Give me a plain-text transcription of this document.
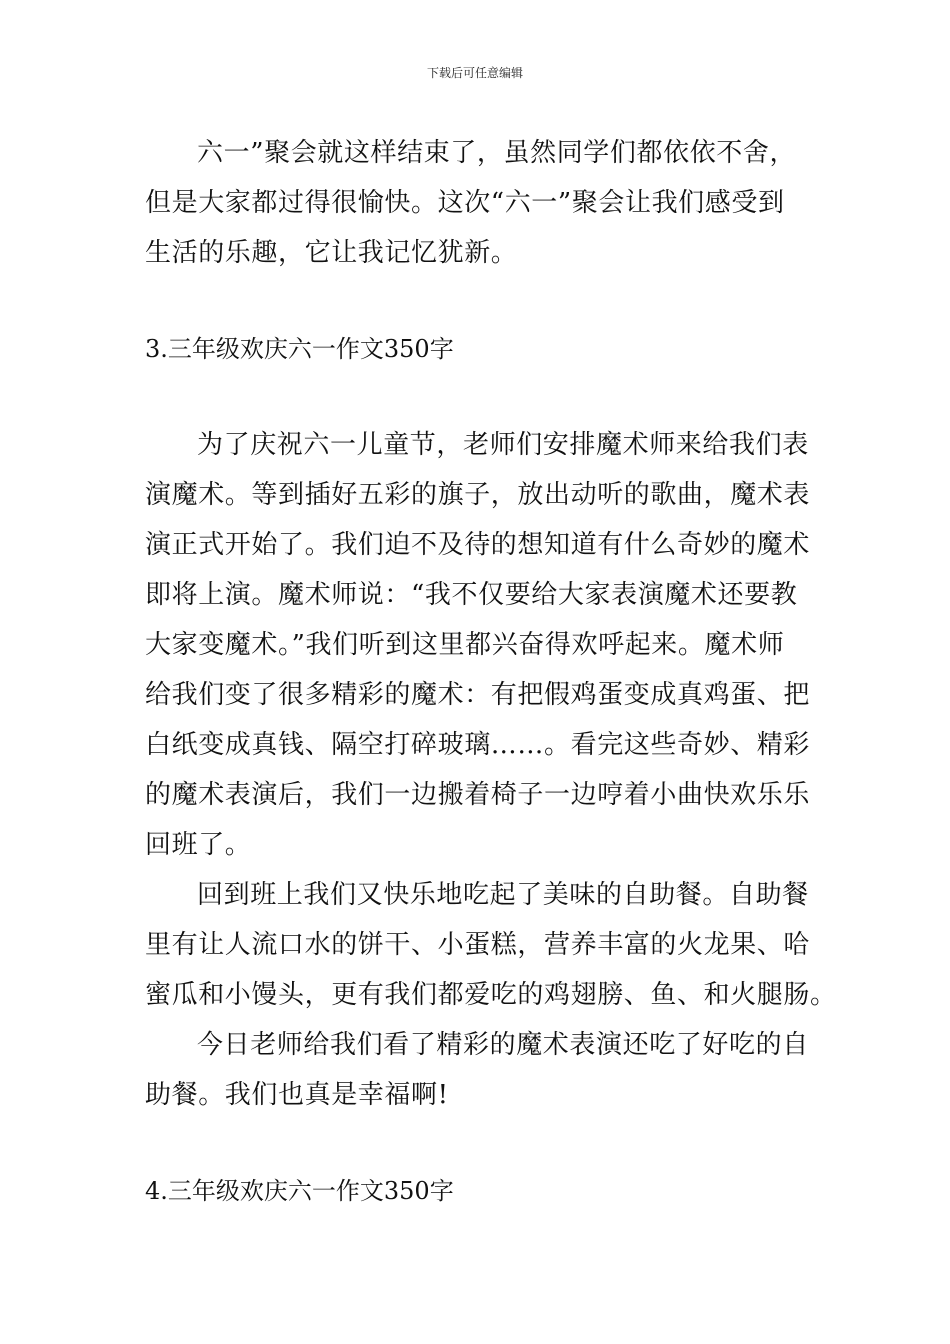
下载后可任意编辑
六一”聚会就这样结束了，虽然同学们都依依不舍，
但是大家都过得很愉快。这次“六一”聚会让我们感受到
生活的乐趣，它让我记忆犹新。
3.三年级欢庆六一作文350字
为了庆祝六一儿童节，老师们安排魔术师来给我们表
演魔术。等到插好五彩的旗子，放出动听的歌曲，魔术表
演正式开始了。我们迫不及待的想知道有什么奇妙的魔术
即将上演。魔术师说：“我不仅要给大家表演魔术还要教
大家变魔术。”我们听到这里都兴奋得欢呼起来。魔术师
给我们变了很多精彩的魔术：有把假鸡蛋变成真鸡蛋、把
白纸变成真钱、隔空打碎玻璃……。看完这些奇妙、精彩
的魔术表演后，我们一边搬着椅子一边哼着小曲快欢乐乐
回班了。
回到班上我们又快乐地吃起了美味的自助餐。自助餐
里有让人流口水的饼干、小蛋糕，营养丰富的火龙果、哈
蜜瓜和小馒头，更有我们都爱吃的鸡翅膀、鱼、和火腿肠。
今日老师给我们看了精彩的魔术表演还吃了好吃的自
助餐。我们也真是幸福啊!
4.三年级欢庆六一作文350字
